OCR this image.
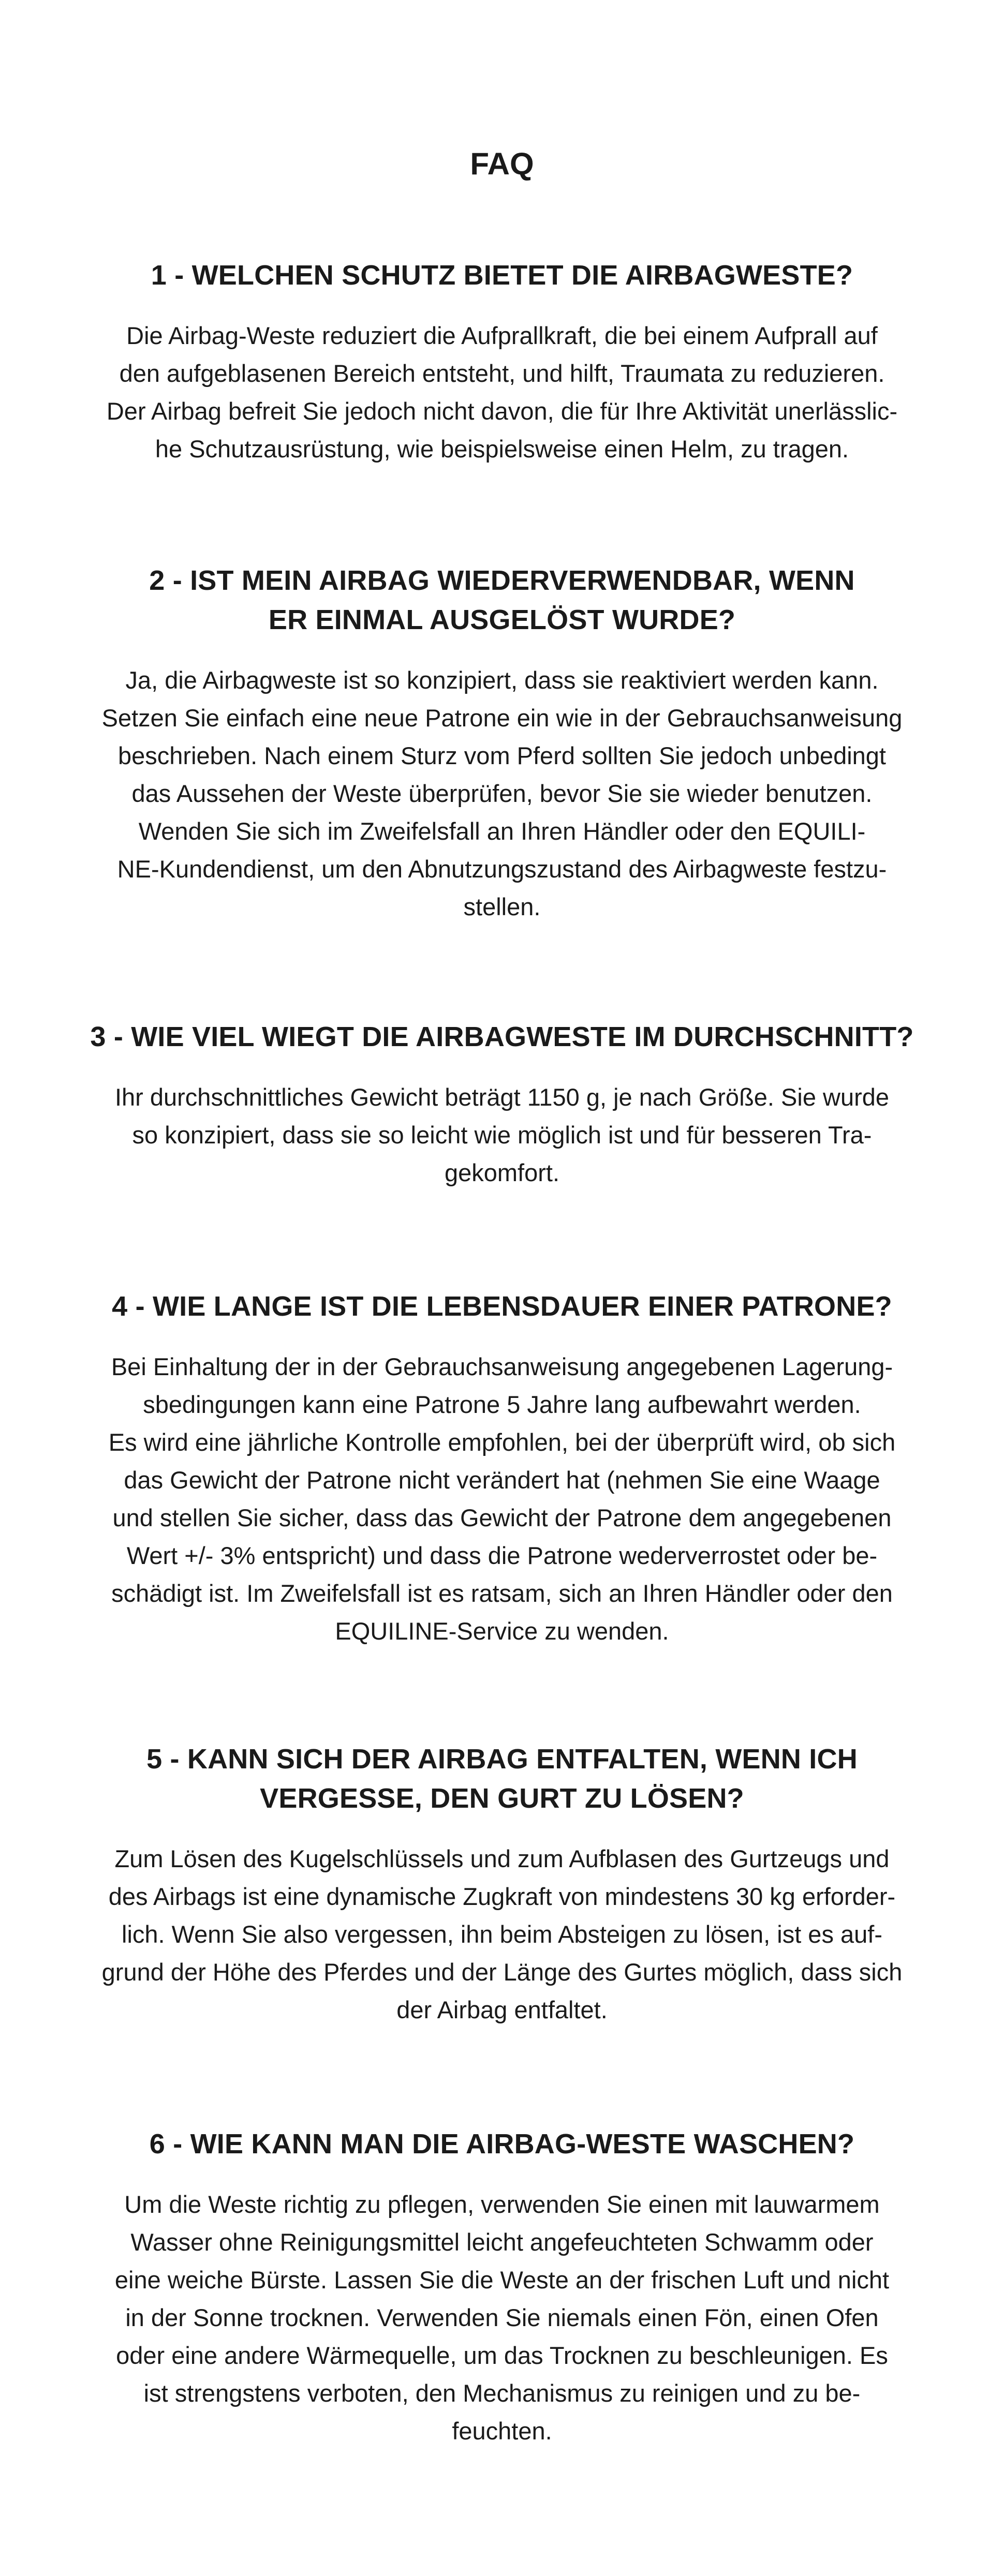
FAQ
1 - WELCHEN SCHUTZ BIETET DIE AIRBAGWESTE?

Die Airbag-Weste reduziert die Aufprallkraft, die bei einem Aufprall auf
den aufgeblasenen Bereich entsteht, und hilft, Traumata zu reduzieren.
Der Airbag befreit Sie jedoch nicht davon, die für Ihre Aktivität unerlässlic-
he Schutzausrüstung, wie beispielsweise einen Helm, zu tragen.

2 - IST MEIN AIRBAG WIEDERVERWENDBAR, WENN
ER EINMAL AUSGELÖST WURDE?

Ja, die Airbagweste ist so konzipiert, dass sie reaktiviert werden kann.
Setzen Sie einfach eine neue Patrone ein wie in der Gebrauchsanweisung
beschrieben. Nach einem Sturz vom Pferd sollten Sie jedoch unbedingt
das Aussehen der Weste überprüfen, bevor Sie sie wieder benutzen.
Wenden Sie sich im Zweifelsfall an Ihren Händler oder den EQUILI-
NE-Kundendienst, um den Abnutzungszustand des Airbagweste festzu-
stellen.

3 - WIE VIEL WIEGT DIE AIRBAGWESTE IM DURCHSCHNITT?

Ihr durchschnittliches Gewicht beträgt 1150 g, je nach Größe. Sie wurde
so konzipiert, dass sie so leicht wie möglich ist und für besseren Tra-
gekomfort.

4 - WIE LANGE IST DIE LEBENSDAUER EINER PATRONE?

Bei Einhaltung der in der Gebrauchsanweisung angegebenen Lagerung-
sbedingungen kann eine Patrone 5 Jahre lang aufbewahrt werden.
Es wird eine jährliche Kontrolle empfohlen, bei der überprüft wird, ob sich
das Gewicht der Patrone nicht verändert hat (nehmen Sie eine Waage
und stellen Sie sicher, dass das Gewicht der Patrone dem angegebenen
Wert +/- 3% entspricht) und dass die Patrone wederverrostet oder be-
schädigt ist. Im Zweifelsfall ist es ratsam, sich an Ihren Händler oder den
EQUILINE-Service zu wenden.

5 - KANN SICH DER AIRBAG ENTFALTEN, WENN ICH
VERGESSE, DEN GURT ZU LÖSEN?

Zum Lösen des Kugelschlüssels und zum Aufblasen des Gurtzeugs und
des Airbags ist eine dynamische Zugkraft von mindestens 30 kg erforder-
lich. Wenn Sie also vergessen, ihn beim Absteigen zu lösen, ist es auf-
grund der Höhe des Pferdes und der Länge des Gurtes möglich, dass sich
der Airbag entfaltet.

6 - WIE KANN MAN DIE AIRBAG-WESTE WASCHEN?

Um die Weste richtig zu pflegen, verwenden Sie einen mit lauwarmem
Wasser ohne Reinigungsmittel leicht angefeuchteten Schwamm oder
eine weiche Bürste. Lassen Sie die Weste an der frischen Luft und nicht
in der Sonne trocknen. Verwenden Sie niemals einen Fön, einen Ofen
oder eine andere Wärmequelle, um das Trocknen zu beschleunigen. Es
ist strengstens verboten, den Mechanismus zu reinigen und zu be-
feuchten.
